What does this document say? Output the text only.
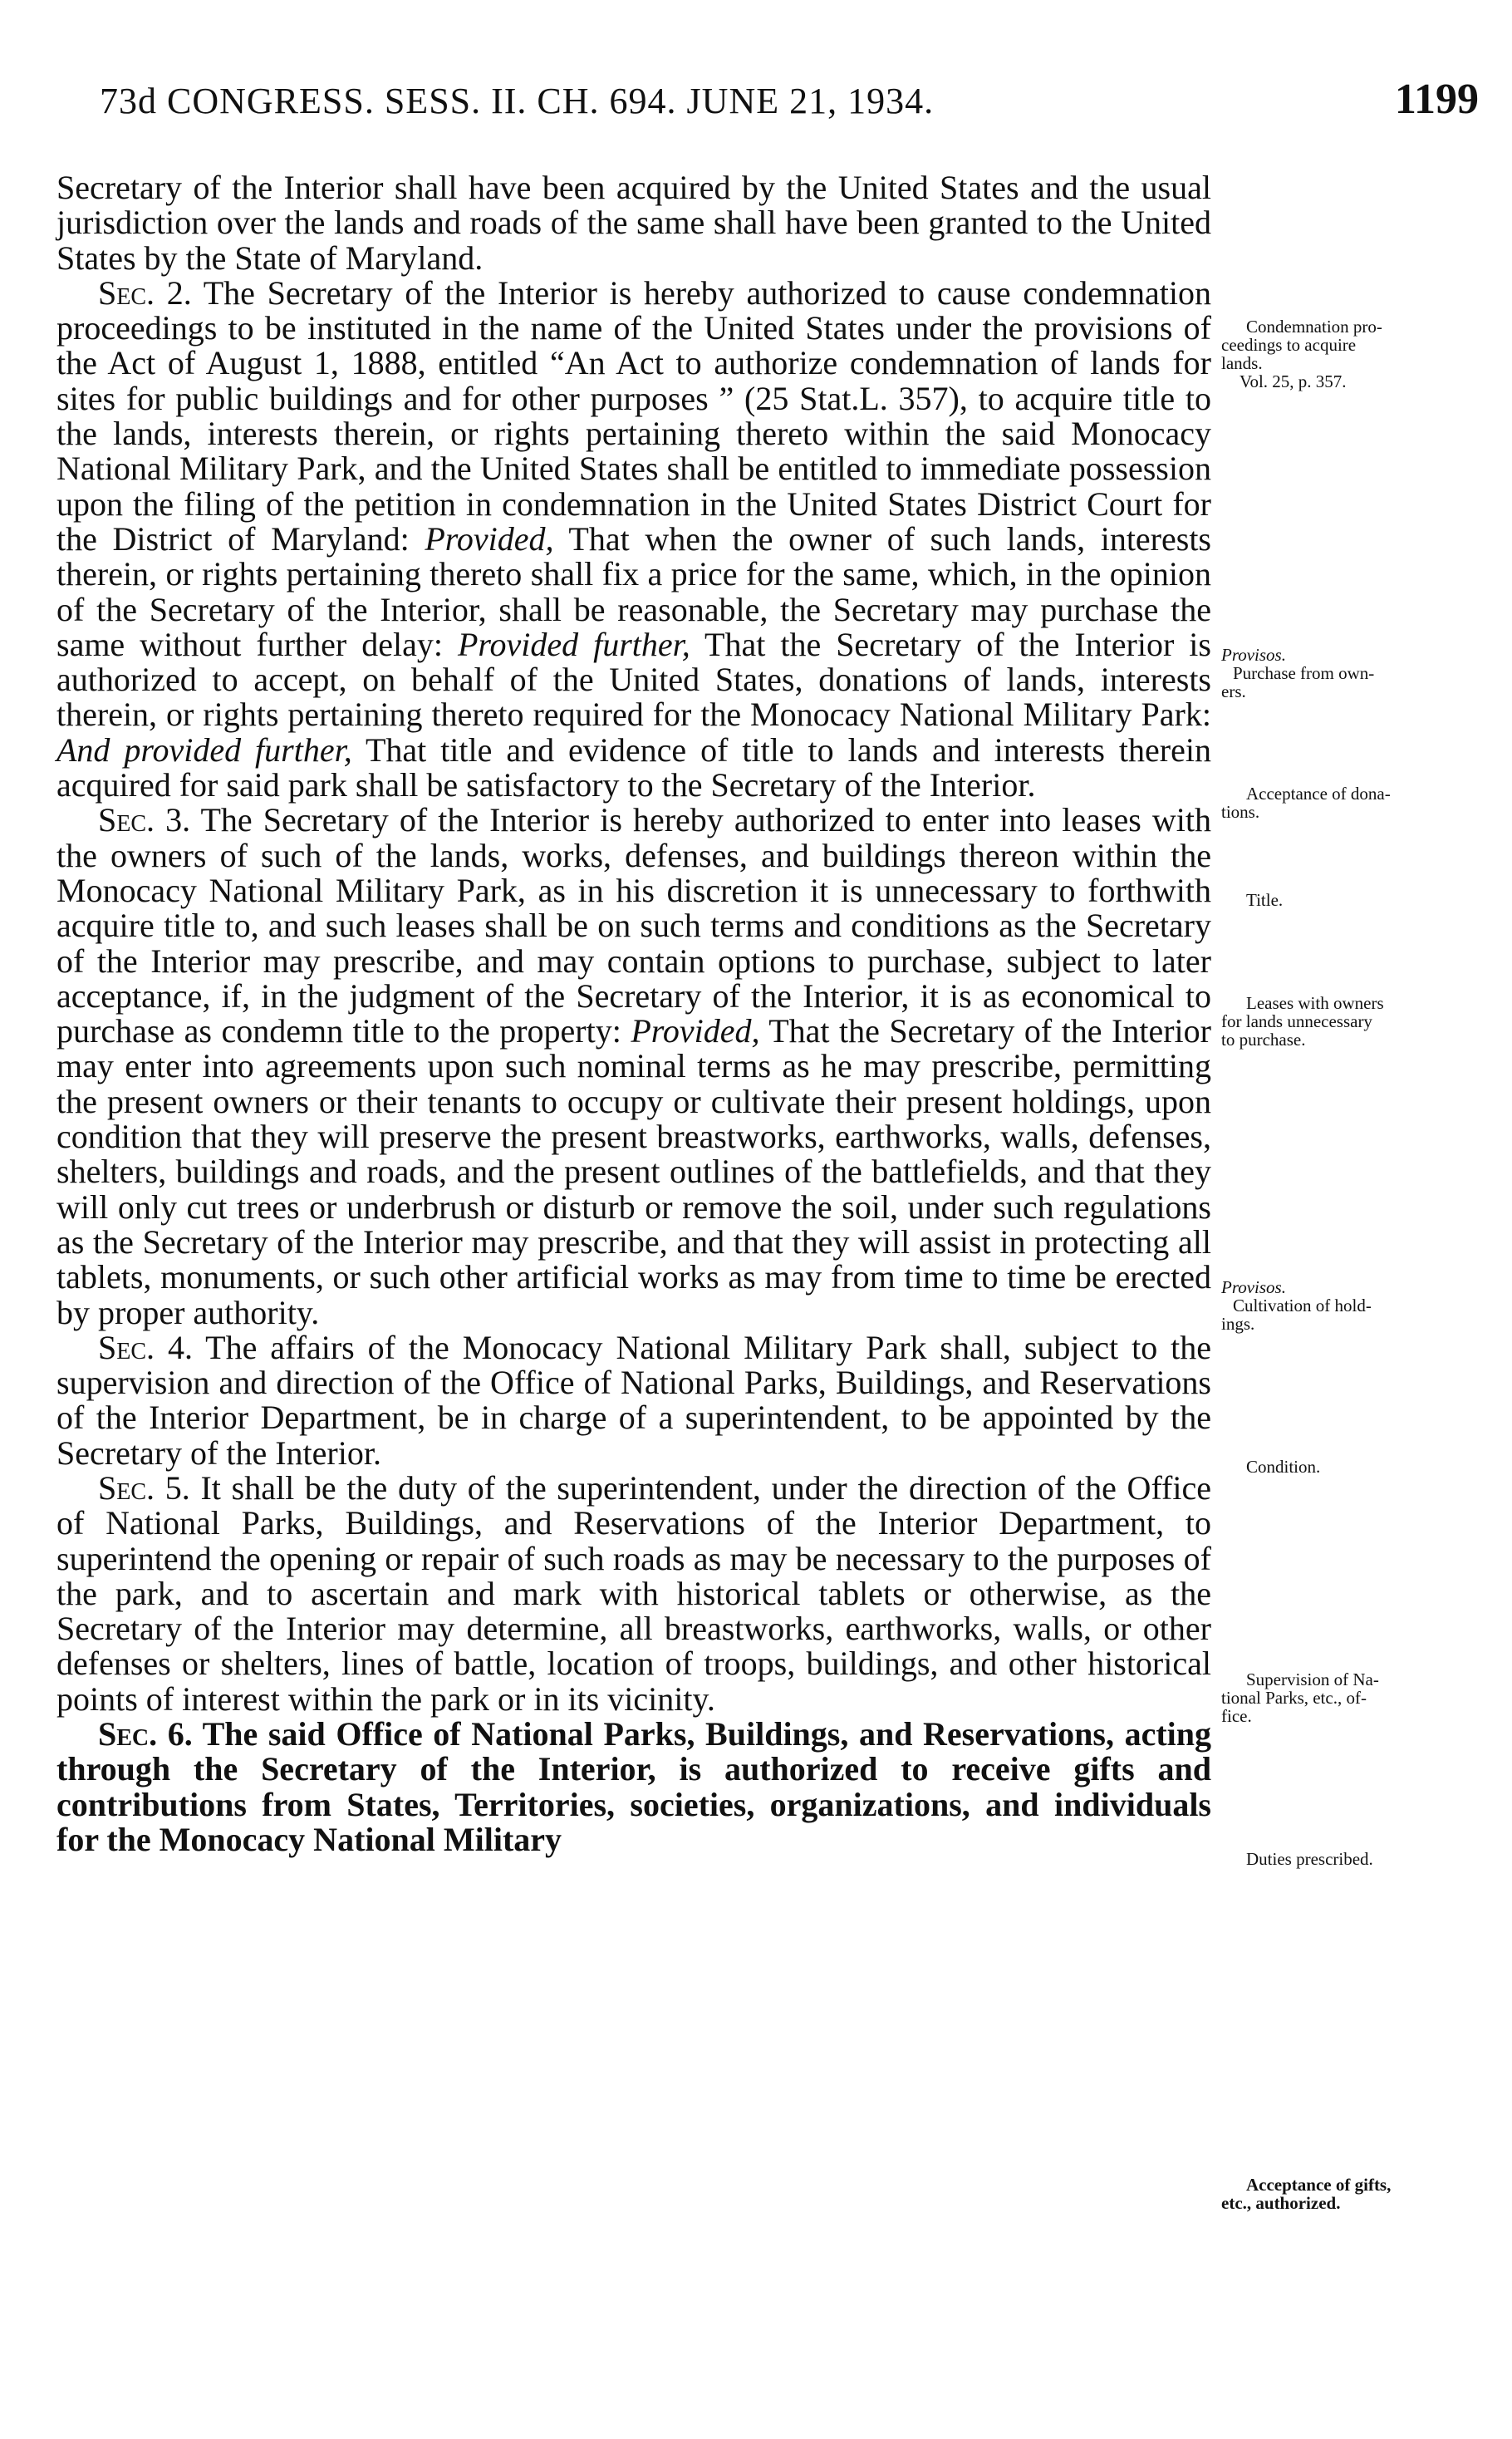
73d CONGRESS. SESS. II. CH. 694. JUNE 21, 1934.	1199

Secretary of the Interior shall have been acquired by the United States and the usual jurisdiction over the lands and roads of the same shall have been granted to the United States by the State of Maryland.

Sec. 2. The Secretary of the Interior is hereby authorized to cause condemnation proceedings to be instituted in the name of the United States under the provisions of the Act of August 1, 1888, entitled “An Act to authorize condemnation of lands for sites for public buildings and for other purposes ” (25 Stat.L. 357), to acquire title to the lands, interests therein, or rights pertaining thereto within the said Monocacy National Military Park, and the United States shall be entitled to immediate possession upon the filing of the petition in condemnation in the United States District Court for the District of Maryland: Provided, That when the owner of such lands, interests therein, or rights pertaining thereto shall fix a price for the same, which, in the opinion of the Secretary of the Interior, shall be reasonable, the Secretary may purchase the same without further delay: Provided further, That the Secretary of the Interior is authorized to accept, on behalf of the United States, donations of lands, interests therein, or rights pertaining thereto required for the Monocacy National Military Park: And provided further, That title and evidence of title to lands and interests therein acquired for said park shall be satisfactory to the Secretary of the Interior.

Sec. 3. The Secretary of the Interior is hereby authorized to enter into leases with the owners of such of the lands, works, defenses, and buildings thereon within the Monocacy National Military Park, as in his discretion it is unnecessary to forthwith acquire title to, and such leases shall be on such terms and conditions as the Secretary of the Interior may prescribe, and may contain options to purchase, subject to later acceptance, if, in the judgment of the Secretary of the Interior, it is as economical to purchase as condemn title to the property: Provided, That the Secretary of the Interior may enter into agreements upon such nominal terms as he may prescribe, permitting the present owners or their tenants to occupy or cultivate their present holdings, upon condition that they will preserve the present breastworks, earthworks, walls, defenses, shelters, buildings and roads, and the present outlines of the battlefields, and that they will only cut trees or underbrush or disturb or remove the soil, under such regulations as the Secretary of the Interior may prescribe, and that they will assist in protecting all tablets, monuments, or such other artificial works as may from time to time be erected by proper authority.

Sec. 4. The affairs of the Monocacy National Military Park shall, subject to the supervision and direction of the Office of National Parks, Buildings, and Reservations of the Interior Department, be in charge of a superintendent, to be appointed by the Secretary of the Interior.

Sec. 5. It shall be the duty of the superintendent, under the direction of the Office of National Parks, Buildings, and Reservations of the Interior Department, to superintend the opening or repair of such roads as may be necessary to the purposes of the park, and to ascertain and mark with historical tablets or otherwise, as the Secretary of the Interior may determine, all breastworks, earthworks, walls, or other defenses or shelters, lines of battle, location of troops, buildings, and other historical points of interest within the park or in its vicinity.

Sec. 6. The said Office of National Parks, Buildings, and Reservations, acting through the Secretary of the Interior, is authorized to receive gifts and contributions from States, Territories, societies, organizations, and individuals for the Monocacy National Military

Condemnation pro-
ceedings to acquire
lands.
Vol. 25, p. 357.
Provisos.
Purchase from own-
ers.
Acceptance of dona-
tions.
Title.
Leases with owners
for lands unnecessary
to purchase.
Provisos.
Cultivation of hold-
ings.
Condition.
Supervision of Na-
tional Parks, etc., of-
fice.
Duties prescribed.
Acceptance of gifts,
etc., authorized.
